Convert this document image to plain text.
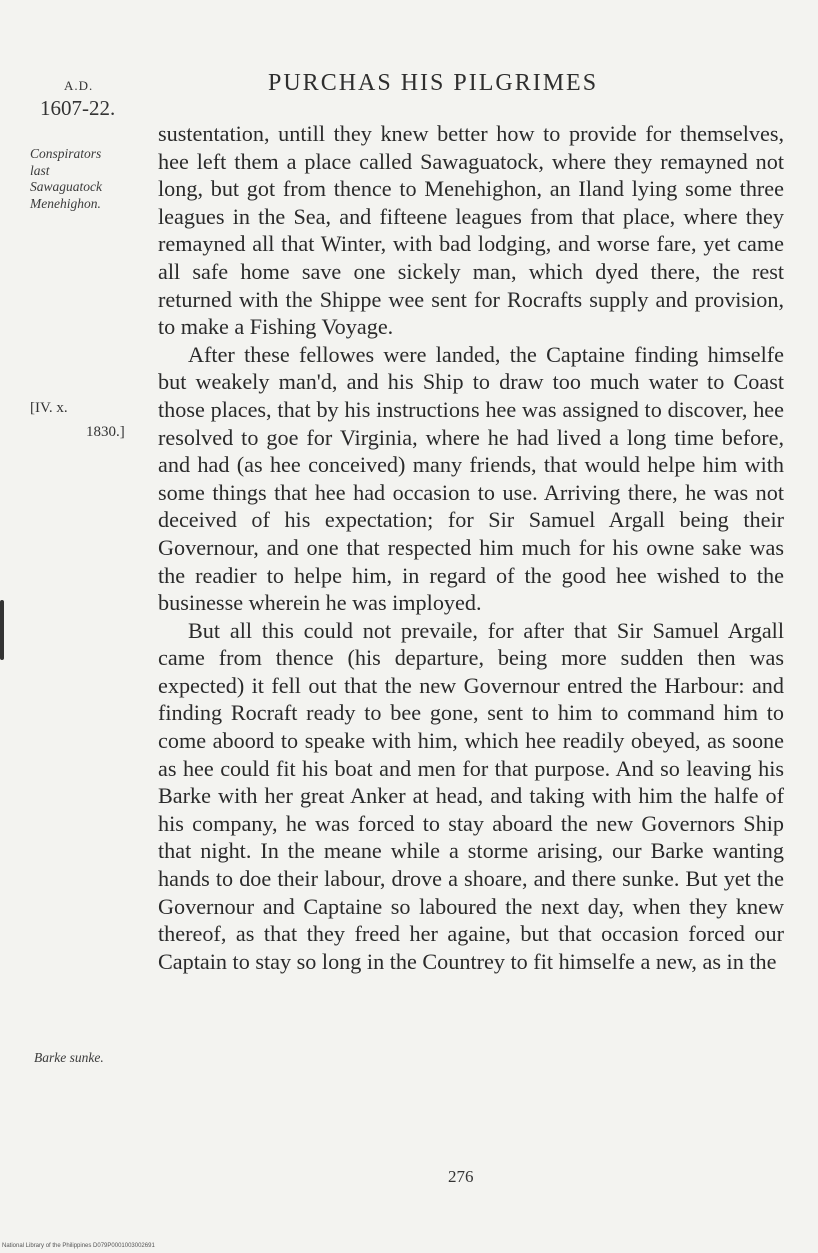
A.D.
1607-22.
PURCHAS HIS PILGRIMES
Conspirators
last
Sawaguatock
Menehighon.
[IV. x.
1830.]
Barke sunke.

sustentation, untill they knew better how to provide for themselves, hee left them a place called Sawaguatock, where they remayned not long, but got from thence to Menehighon, an Iland lying some three leagues in the Sea, and fifteene leagues from that place, where they remayned all that Winter, with bad lodging, and worse fare, yet came all safe home save one sickely man, which dyed there, the rest returned with the Shippe wee sent for Rocrafts supply and provision, to make a Fishing Voyage.

After these fellowes were landed, the Captaine finding himselfe but weakely man'd, and his Ship to draw too much water to Coast those places, that by his instructions hee was assigned to discover, hee resolved to goe for Virginia, where he had lived a long time before, and had (as hee conceived) many friends, that would helpe him with some things that hee had occasion to use. Arriving there, he was not deceived of his expectation; for Sir Samuel Argall being their Governour, and one that respected him much for his owne sake was the readier to helpe him, in regard of the good hee wished to the businesse wherein he was imployed.

But all this could not prevaile, for after that Sir Samuel Argall came from thence (his departure, being more sudden then was expected) it fell out that the new Governour entred the Harbour: and finding Rocraft ready to bee gone, sent to him to command him to come aboord to speake with him, which hee readily obeyed, as soone as hee could fit his boat and men for that purpose. And so leaving his Barke with her great Anker at head, and taking with him the halfe of his company, he was forced to stay aboard the new Governors Ship that night. In the meane while a storme arising, our Barke wanting hands to doe their labour, drove a shoare, and there sunke. But yet the Governour and Captaine so laboured the next day, when they knew thereof, as that they freed her againe, but that occasion forced our Captain to stay so long in the Countrey to fit himselfe a new, as in the

276
National Library of the Philippines D079P0001003002691
